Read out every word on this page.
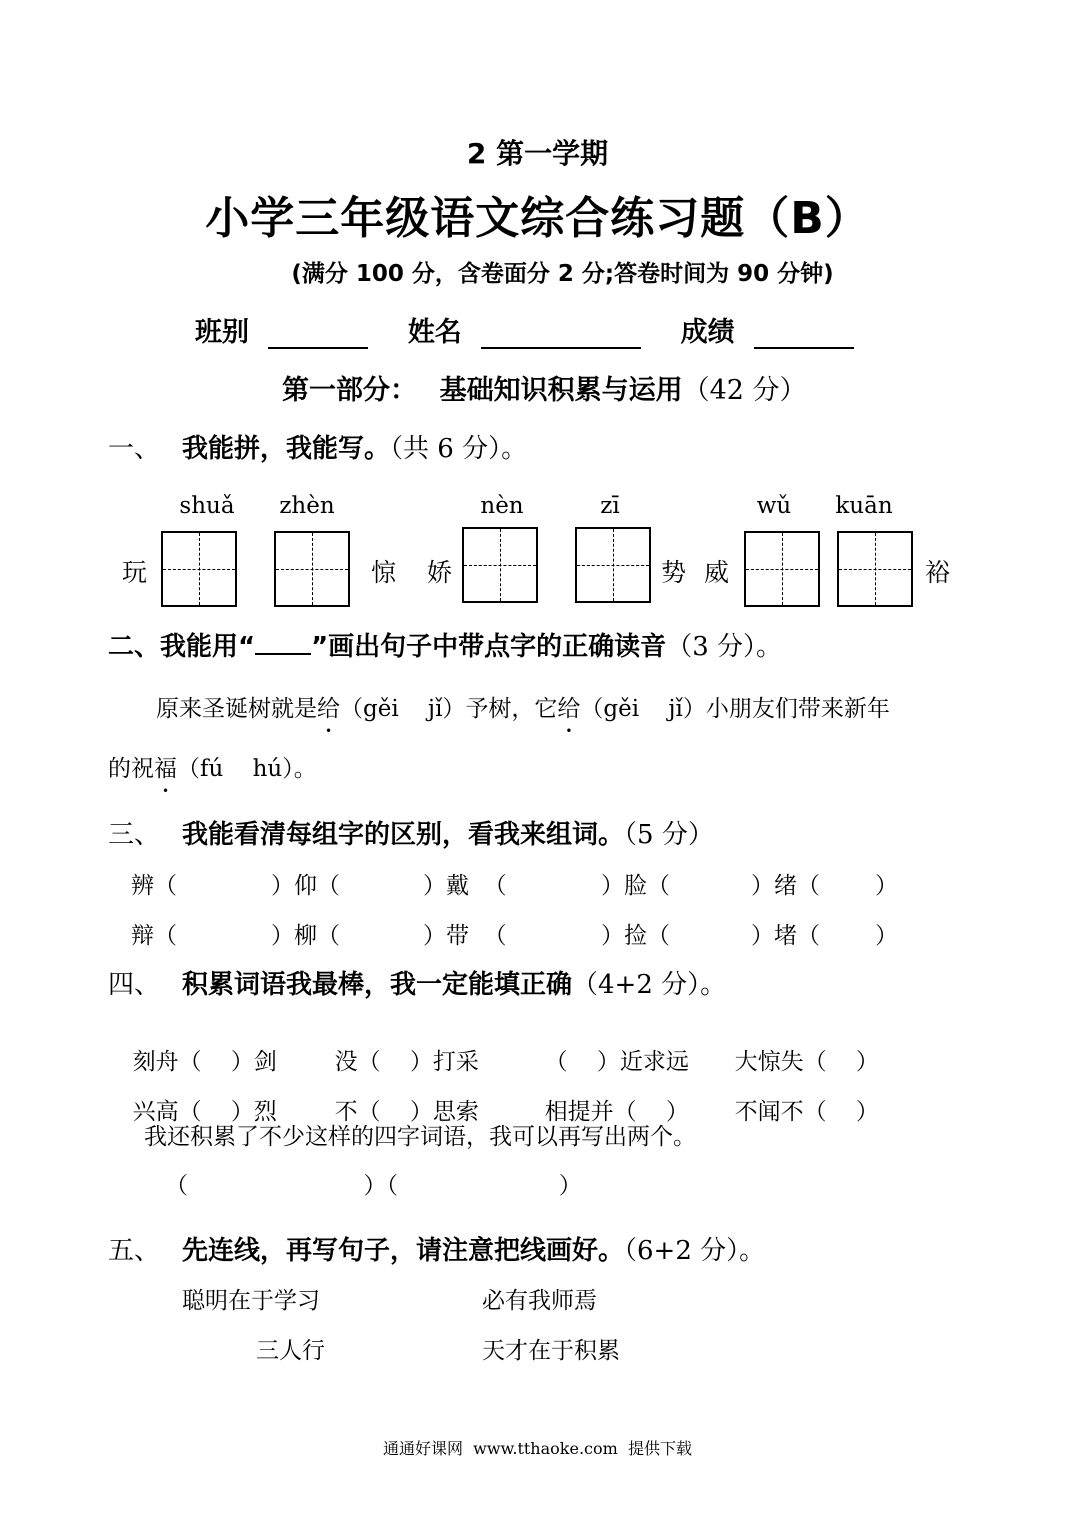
2 第一学期
小学三年级语文综合练习题（B）
(满分 100 分，含卷面分 2 分;答卷时间为 90 分钟)
班别	姓名	成绩
第一部分： 基础知识积累与运用（42 分）
一、 我能拼，我能写。（共 6 分）。
shuǎ	zhèn	nèn	zī	wǔ	kuān
玩	惊 娇	势 威	裕
二、我能用“ ”画出句子中带点字的正确读音（3 分）。
原来圣诞树就是给（gěi    jǐ）予树，它给（gěi    jǐ）小朋友们带来新年
的祝福（fú    hú）。
三、 我能看清每组字的区别，看我来组词。（5 分）
辨（	）仰（	）戴  （	）脸（	）绪（ ）
辩（	）柳（	）带  （	）捡（	）堵（ ）
四、 积累词语我最棒，我一定能填正确（4+2 分）。

刻舟（    ）剑	没（    ）打采	（    ）近求远 大惊失（    ）

兴高（    ）烈	不（    ）思索	相提并（    ） 不闻不（    ）

我还积累了不少这样的四字词语，我可以再写出两个。
（                        ）（                      ）
五、 先连线，再写句子，请注意把线画好。（6+2 分）。
聪明在于学习	必有我师焉
三人行	天才在于积累
通通好课网  www.tthaoke.com  提供下载
